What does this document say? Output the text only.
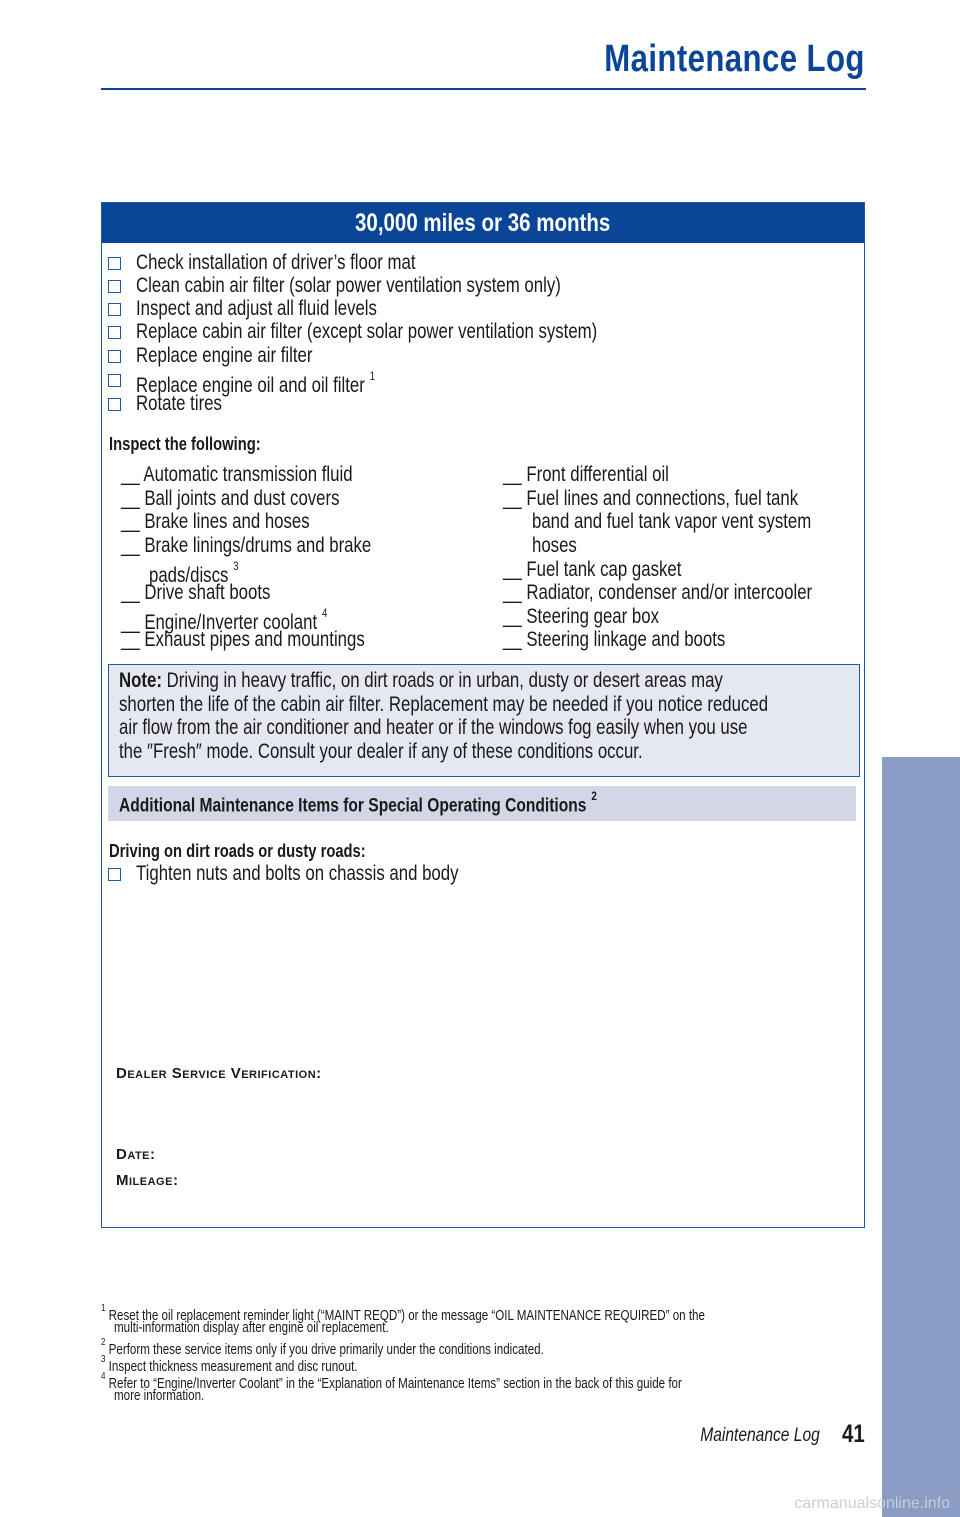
Maintenance Log
30,000 miles or 36 months
Check installation of driver’s floor mat
Clean cabin air filter (solar power ventilation system only)
Inspect and adjust all fluid levels
Replace cabin air filter (except solar power ventilation system)
Replace engine air filter
Replace engine oil and oil filter $^1$
Rotate tires
Inspect the following:
__ Automatic transmission fluid
__ Ball joints and dust covers
__ Brake lines and hoses
__ Brake linings/drums and brake
pads/discs $^3$
__ Drive shaft boots
__ Engine/Inverter coolant $^4$
__ Exhaust pipes and mountings
__ Front differential oil
__ Fuel lines and connections, fuel tank
band and fuel tank vapor vent system
hoses
__ Fuel tank cap gasket
__ Radiator, condenser and/or intercooler
__ Steering gear box
__ Steering linkage and boots
Note: Driving in heavy traffic, on dirt roads or in urban, dusty or desert areas may
shorten the life of the cabin air filter. Replacement may be needed if you notice reduced
air flow from the air conditioner and heater or if the windows fog easily when you use
the ″Fresh″ mode. Consult your dealer if any of these conditions occur.
Additional Maintenance Items for Special Operating Conditions $^2$
Driving on dirt roads or dusty roads:
Tighten nuts and bolts on chassis and body
Dealer Service Verification:
Date:
Mileage:
$^1$ Reset the oil replacement reminder light (“MAINT REQD”) or the message “OIL MAINTENANCE REQUIRED” on the
multi-information display after engine oil replacement.
$^2$ Perform these service items only if you drive primarily under the conditions indicated.
$^3$ Inspect thickness measurement and disc runout.
$^4$ Refer to “Engine/Inverter Coolant” in the “Explanation of Maintenance Items” section in the back of this guide for
more information.
Maintenance Log 41
MAINTENANCE
carmanualsonline.info
